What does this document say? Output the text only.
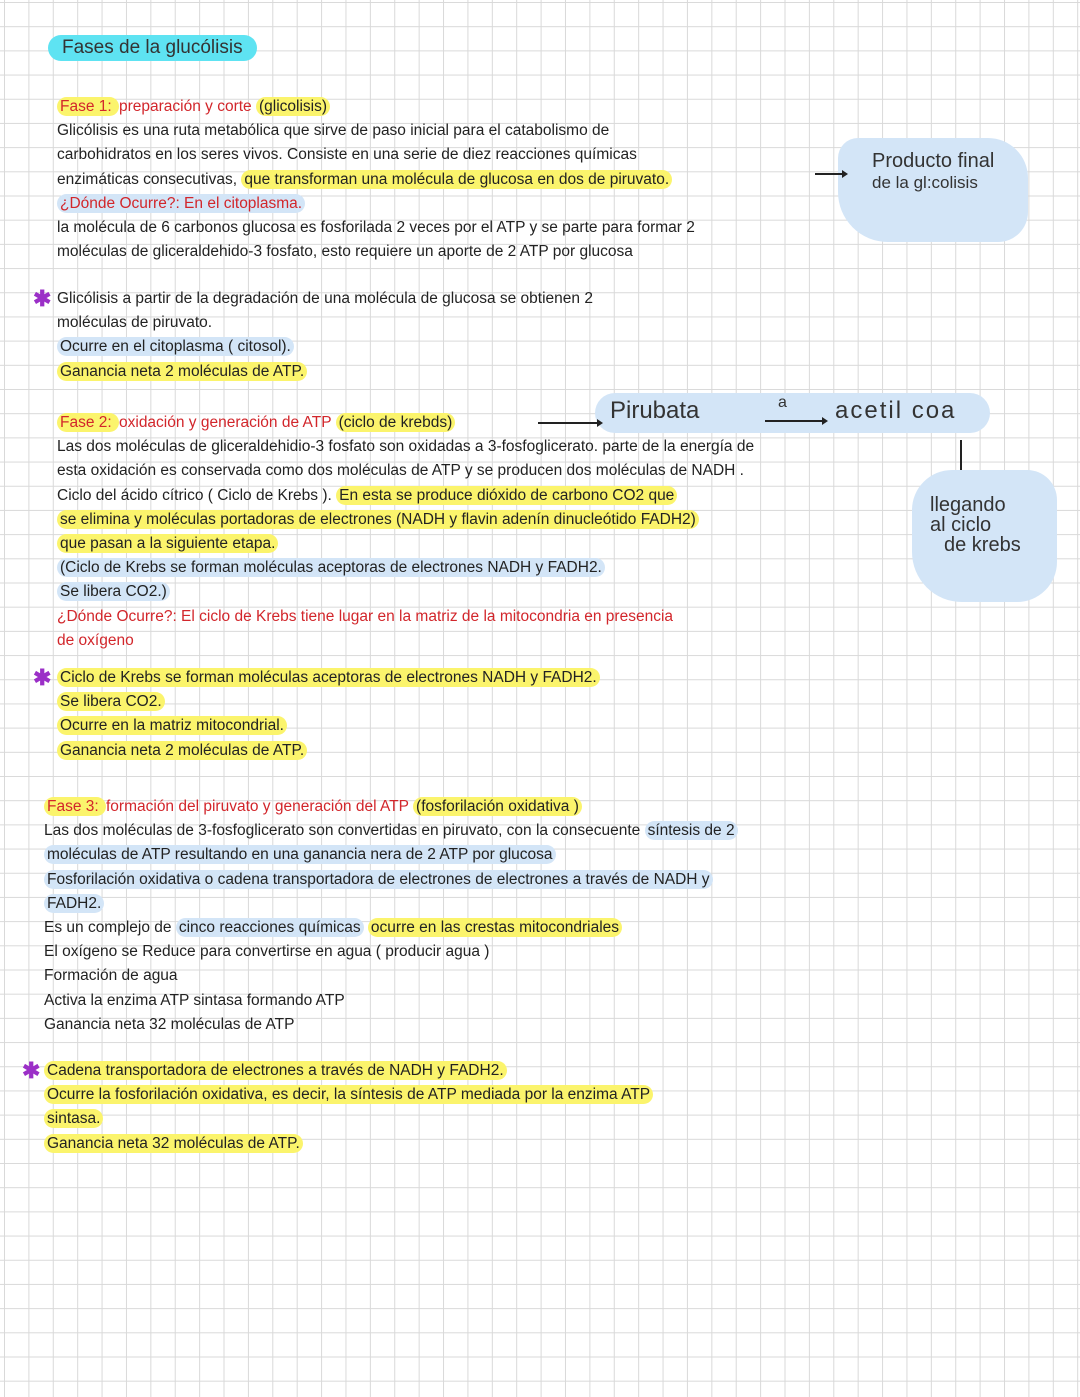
Fases de la glucólisis
Fase 1: preparación y corte (glicolisis)
Glicólisis es una ruta metabólica que sirve de paso inicial para el catabolismo de
carbohidratos en los seres vivos. Consiste en una serie de diez reacciones químicas
enzimáticas consecutivas, que transforman una molécula de glucosa en dos de piruvato.
¿Dónde Ocurre?: En el citoplasma.
la molécula de 6 carbonos glucosa es fosforilada 2 veces por el ATP y se parte para formar 2
moléculas de gliceraldehido-3 fosfato, esto requiere un aporte de 2 ATP por glucosa
✱ Glicólisis a partir de la degradación de una molécula de glucosa se obtienen 2
moléculas de piruvato.
Ocurre en el citoplasma ( citosol).
Ganancia neta 2 moléculas de ATP.
Fase 2: oxidación y generación de ATP (ciclo de krebds)
Las dos moléculas de gliceraldehidio-3 fosfato son oxidadas a 3-fosfoglicerato. parte de la energía de
esta oxidación es conservada como dos moléculas de ATP y se producen dos moléculas de NADH .
Ciclo del ácido cítrico ( Ciclo de Krebs ). En esta se produce dióxido de carbono CO2 que
se elimina y moléculas portadoras de electrones (NADH y flavin adenín dinucleótido FADH2)
que pasan a la siguiente etapa.
(Ciclo de Krebs se forman moléculas aceptoras de electrones NADH y FADH2.
Se libera CO2.)
¿Dónde Ocurre?: El ciclo de Krebs tiene lugar en la matriz de la mitocondria en presencia
de oxígeno
✱ Ciclo de Krebs se forman moléculas aceptoras de electrones NADH y FADH2.
Se libera CO2.
Ocurre en la matriz mitocondrial.
Ganancia neta 2 moléculas de ATP.
Fase 3: formación del piruvato y generación del ATP (fosforilación oxidativa )
Las dos moléculas de 3-fosfoglicerato son convertidas en piruvato, con la consecuente síntesis de 2
moléculas de ATP resultando en una ganancia nera de 2 ATP por glucosa
Fosforilación oxidativa o cadena transportadora de electrones de electrones a través de NADH y
FADH2.
Es un complejo de cinco reacciones químicas ocurre en las crestas mitocondriales
El oxígeno se Reduce para convertirse en agua ( producir agua )
Formación de agua
Activa la enzima ATP sintasa formando ATP
Ganancia neta 32 moléculas de ATP
✱ Cadena transportadora de electrones a través de NADH y FADH2.
Ocurre la fosforilación oxidativa, es decir, la síntesis de ATP mediada por la enzima ATP
sintasa.
Ganancia neta 32 moléculas de ATP.
Producto final
de la gl:colisis
Pirubata	a acetil coa
llegando
al ciclo
de krebs
